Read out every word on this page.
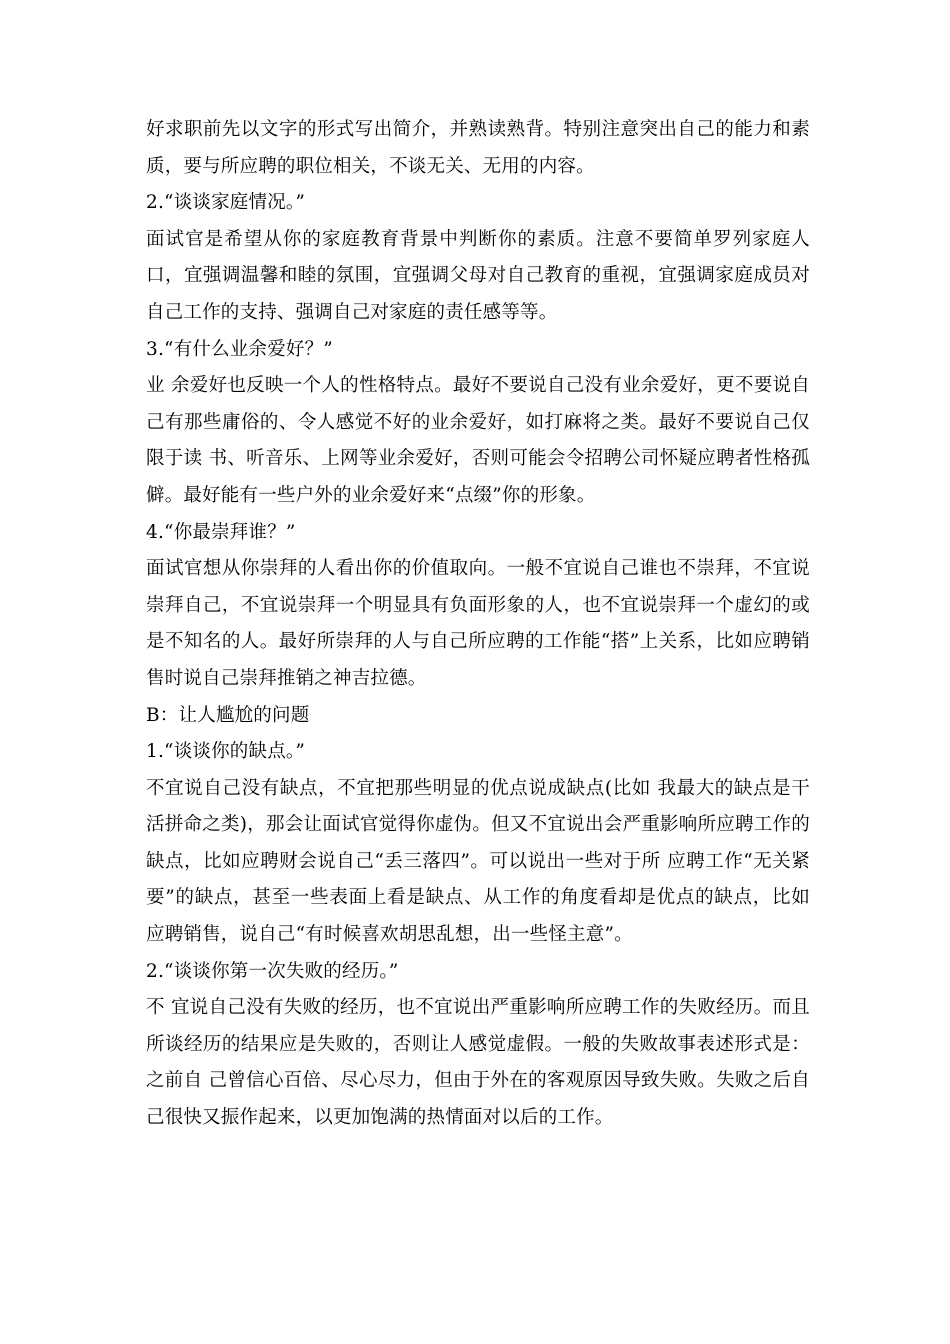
好求职前先以文字的形式写出简介，并熟读熟背。特别注意突出自己的能力和素质，要与所应聘的职位相关，不谈无关、无用的内容。

2.“谈谈家庭情况。”

面试官是希望从你的家庭教育背景中判断你的素质。注意不要简单罗列家庭人口，宜强调温馨和睦的氛围，宜强调父母对自己教育的重视，宜强调家庭成员对自己工作的支持、强调自己对家庭的责任感等等。

3.“有什么业余爱好？”

业 余爱好也反映一个人的性格特点。最好不要说自己没有业余爱好，更不要说自己有那些庸俗的、令人感觉不好的业余爱好，如打麻将之类。最好不要说自己仅限于读 书、听音乐、上网等业余爱好，否则可能会令招聘公司怀疑应聘者性格孤僻。最好能有一些户外的业余爱好来“点缀”你的形象。

4.“你最崇拜谁？”

面试官想从你崇拜的人看出你的价值取向。一般不宜说自己谁也不崇拜，不宜说崇拜自己，不宜说崇拜一个明显具有负面形象的人，也不宜说崇拜一个虚幻的或是不知名的人。最好所崇拜的人与自己所应聘的工作能“搭”上关系，比如应聘销售时说自己崇拜推销之神吉拉德。

B：让人尴尬的问题

1.“谈谈你的缺点。”

不宜说自己没有缺点，不宜把那些明显的优点说成缺点(比如 我最大的缺点是干活拼命之类)，那会让面试官觉得你虚伪。但又不宜说出会严重影响所应聘工作的缺点，比如应聘财会说自己“丢三落四”。可以说出一些对于所 应聘工作“无关紧要”的缺点，甚至一些表面上看是缺点、从工作的角度看却是优点的缺点，比如应聘销售，说自己“有时候喜欢胡思乱想，出一些怪主意”。

2.“谈谈你第一次失败的经历。”

不 宜说自己没有失败的经历，也不宜说出严重影响所应聘工作的失败经历。而且所谈经历的结果应是失败的，否则让人感觉虚假。一般的失败故事表述形式是：之前自 己曾信心百倍、尽心尽力，但由于外在的客观原因导致失败。失败之后自己很快又振作起来，以更加饱满的热情面对以后的工作。
